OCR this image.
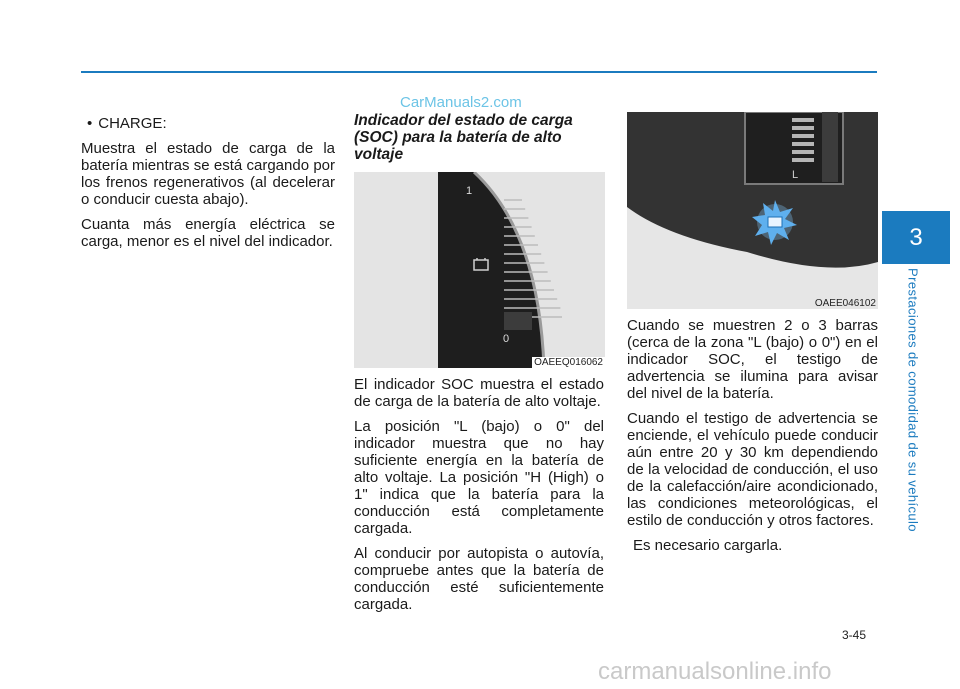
CarManuals2.com

• CHARGE:

Muestra el estado de carga de la batería mientras se está cargando por los frenos regenerativos (al decelerar o conducir cuesta abajo).

Cuanta más energía eléctrica se carga, menor es el nivel del indicador.

Indicador del estado de carga (SOC) para la batería de alto voltaje

1
0
OAEEQ016062

El indicador SOC muestra el estado de carga de la batería de alto voltaje.

La posición "L (bajo) o 0" del indicador muestra que no hay suficiente energía en la batería de alto voltaje. La posición "H (High) o 1" indica que la batería para la conducción está completamente cargada.

Al conducir por autopista o autovía, compruebe antes que la batería de conducción esté suficientemente cargada.

L
OAEE046102

Cuando se muestren 2 o 3 barras (cerca de la zona "L (bajo) o 0") en el indicador SOC, el testigo de advertencia se ilumina para avisar del nivel de la batería.

Cuando el testigo de advertencia se enciende, el vehículo puede conducir aún entre 20 y 30 km dependiendo de la velocidad de conducción, el uso de la calefacción/aire acondicionado, las condiciones meteorológicas, el estilo de conducción y otros factores.

Es necesario cargarla.

3
Prestaciones de comodidad de su vehículo
3-45
carmanualsonline.info
